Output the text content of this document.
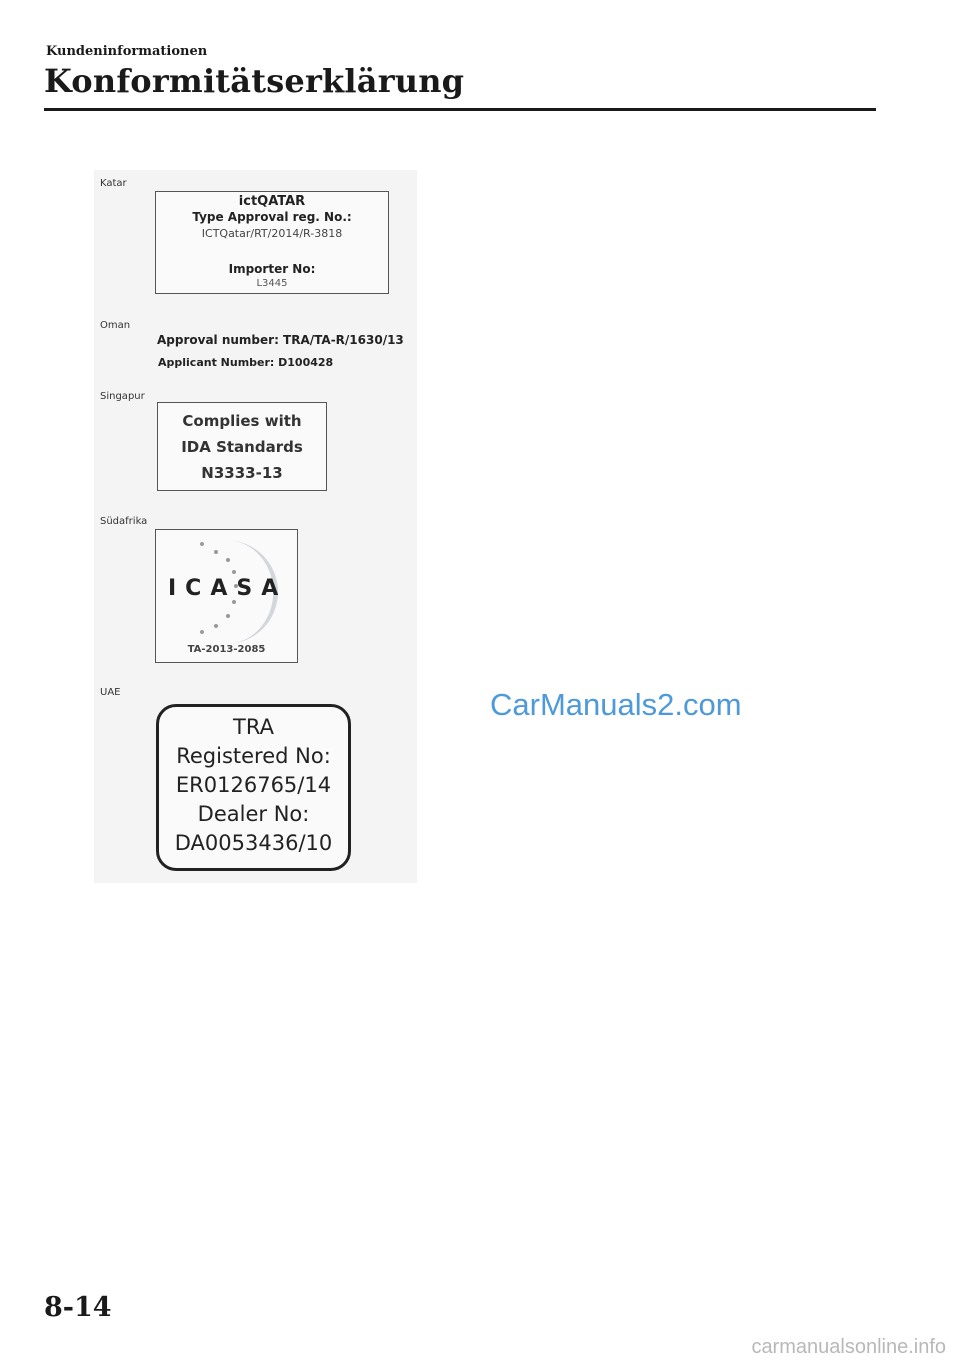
Kundeninformationen
Konformitätserklärung
Katar
ictQATAR
Type Approval reg. No.:
ICTQatar/RT/2014/R-3818
Importer No:
L3445
Oman
Approval number: TRA/TA-R/1630/13
Applicant Number: D100428
Singapur
Complies with
IDA Standards
N3333-13
Südafrika
ICASA
TA-2013-2085
UAE
TRA
Registered No:
ER0126765/14
Dealer No:
DA0053436/10
CarManuals2.com
8-14
carmanualsonline.info
